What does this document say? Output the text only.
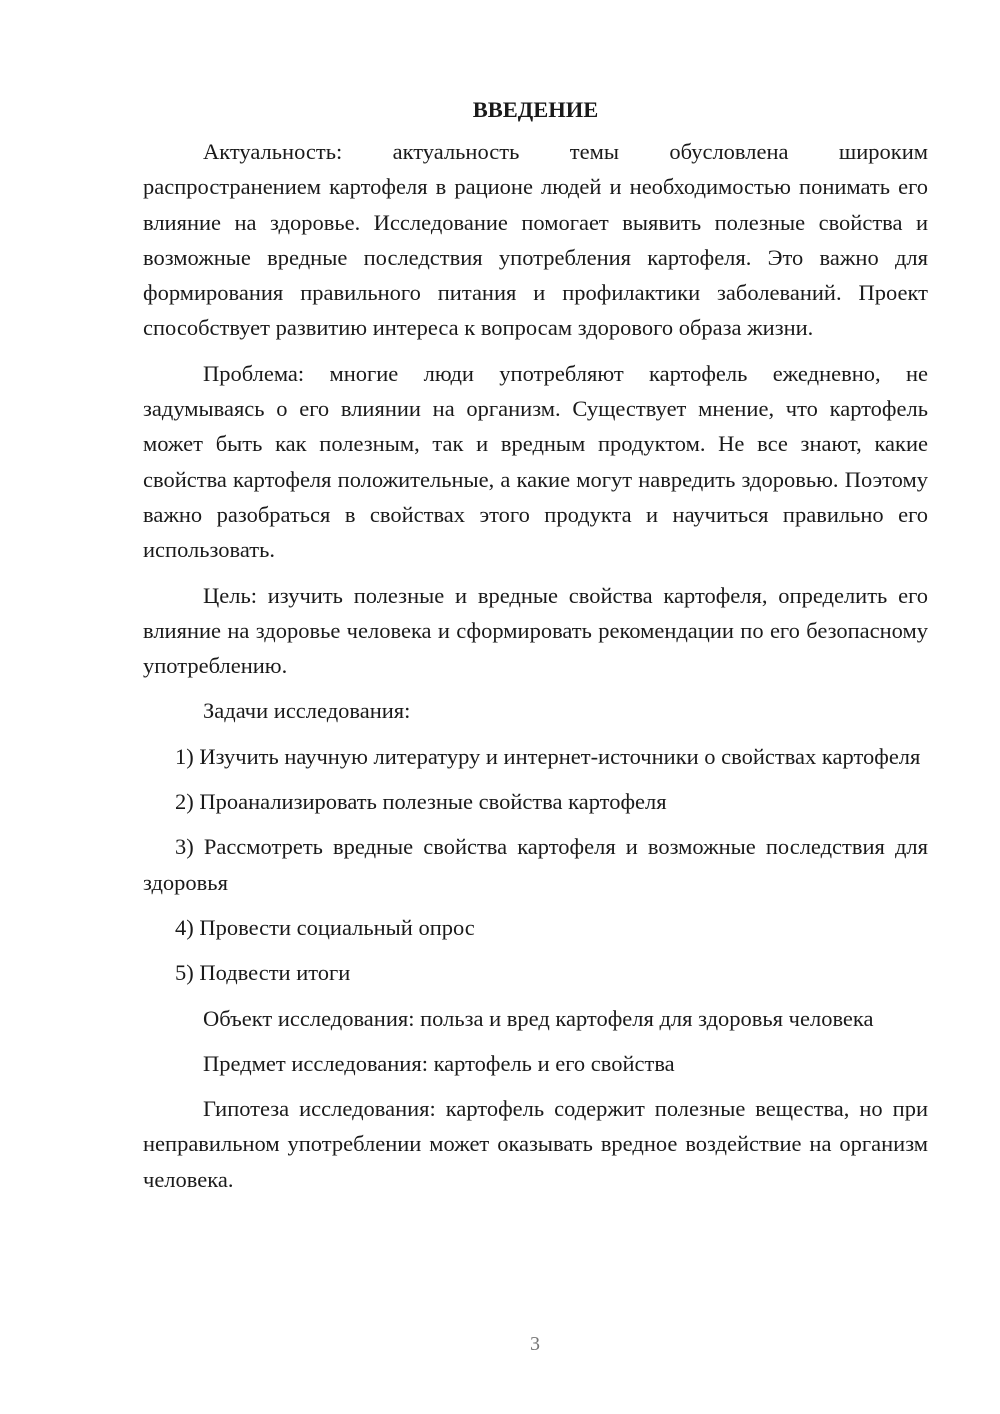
ВВЕДЕНИЕ

Актуальность: актуальность темы обусловлена широким распространением картофеля в рационе людей и необходимостью понимать его влияние на здоровье. Исследование помогает выявить полезные свойства и возможные вредные последствия употребления картофеля. Это важно для формирования правильного питания и профилактики заболеваний. Проект способствует развитию интереса к вопросам здорового образа жизни.

Проблема: многие люди употребляют картофель ежедневно, не задумываясь о его влиянии на организм. Существует мнение, что картофель может быть как полезным, так и вредным продуктом. Не все знают, какие свойства картофеля положительные, а какие могут навредить здоровью. Поэтому важно разобраться в свойствах этого продукта и научиться правильно его использовать.

Цель: изучить полезные и вредные свойства картофеля, определить его влияние на здоровье человека и сформировать рекомендации по его безопасному употреблению.

Задачи исследования:

1) Изучить научную литературу и интернет-источники о свойствах картофеля

2) Проанализировать полезные свойства картофеля

3) Рассмотреть вредные свойства картофеля и возможные последствия для здоровья

4) Провести социальный опрос

5) Подвести итоги

Объект исследования: польза и вред картофеля для здоровья человека

Предмет исследования: картофель и его свойства

Гипотеза исследования: картофель содержит полезные вещества, но при неправильном употреблении может оказывать вредное воздействие на организм человека.

3
